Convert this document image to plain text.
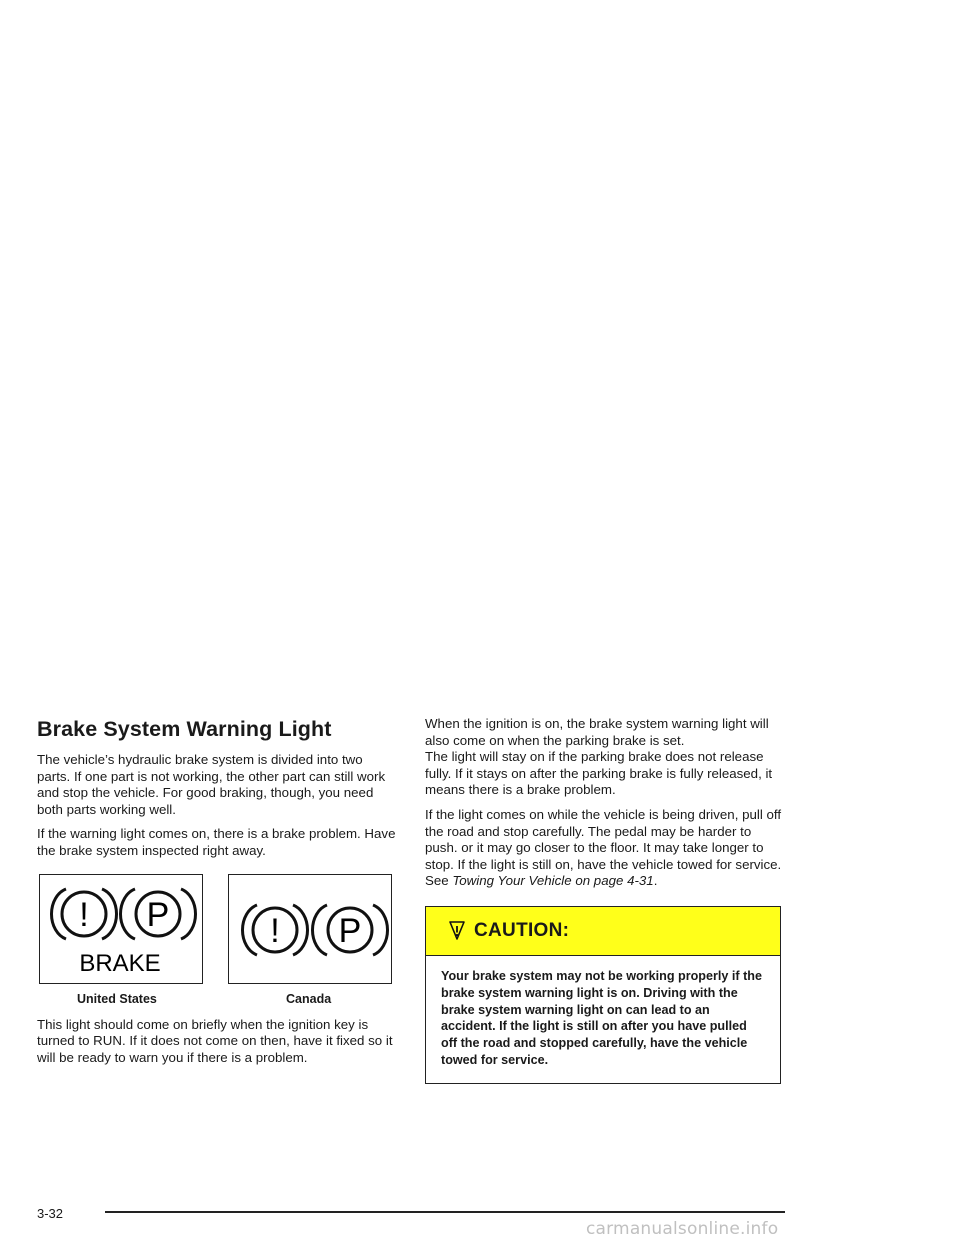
Brake System Warning Light

The vehicle’s hydraulic brake system is divided into two parts. If one part is not working, the other part can still work and stop the vehicle. For good braking, though, you need both parts working well.

If the warning light comes on, there is a brake problem. Have the brake system inspected right away.

! P
BRAKE
! P
United States	Canada

This light should come on briefly when the ignition key is turned to RUN. If it does not come on then, have it fixed so it will be ready to warn you if there is a problem.

When the ignition is on, the brake system warning light will also come on when the parking brake is set.
The light will stay on if the parking brake does not release fully. If it stays on after the parking brake is fully released, it means there is a brake problem.

If the light comes on while the vehicle is being driven, pull off the road and stop carefully. The pedal may be harder to push. or it may go closer to the floor. It may take longer to stop. If the light is still on, have the vehicle towed for service. See Towing Your Vehicle on page 4-31.

CAUTION:
Your brake system may not be working properly if the brake system warning light is on. Driving with the brake system warning light on can lead to an accident. If the light is still on after you have pulled off the road and stopped carefully, have the vehicle towed for service.
3-32
carmanualsonline.info
